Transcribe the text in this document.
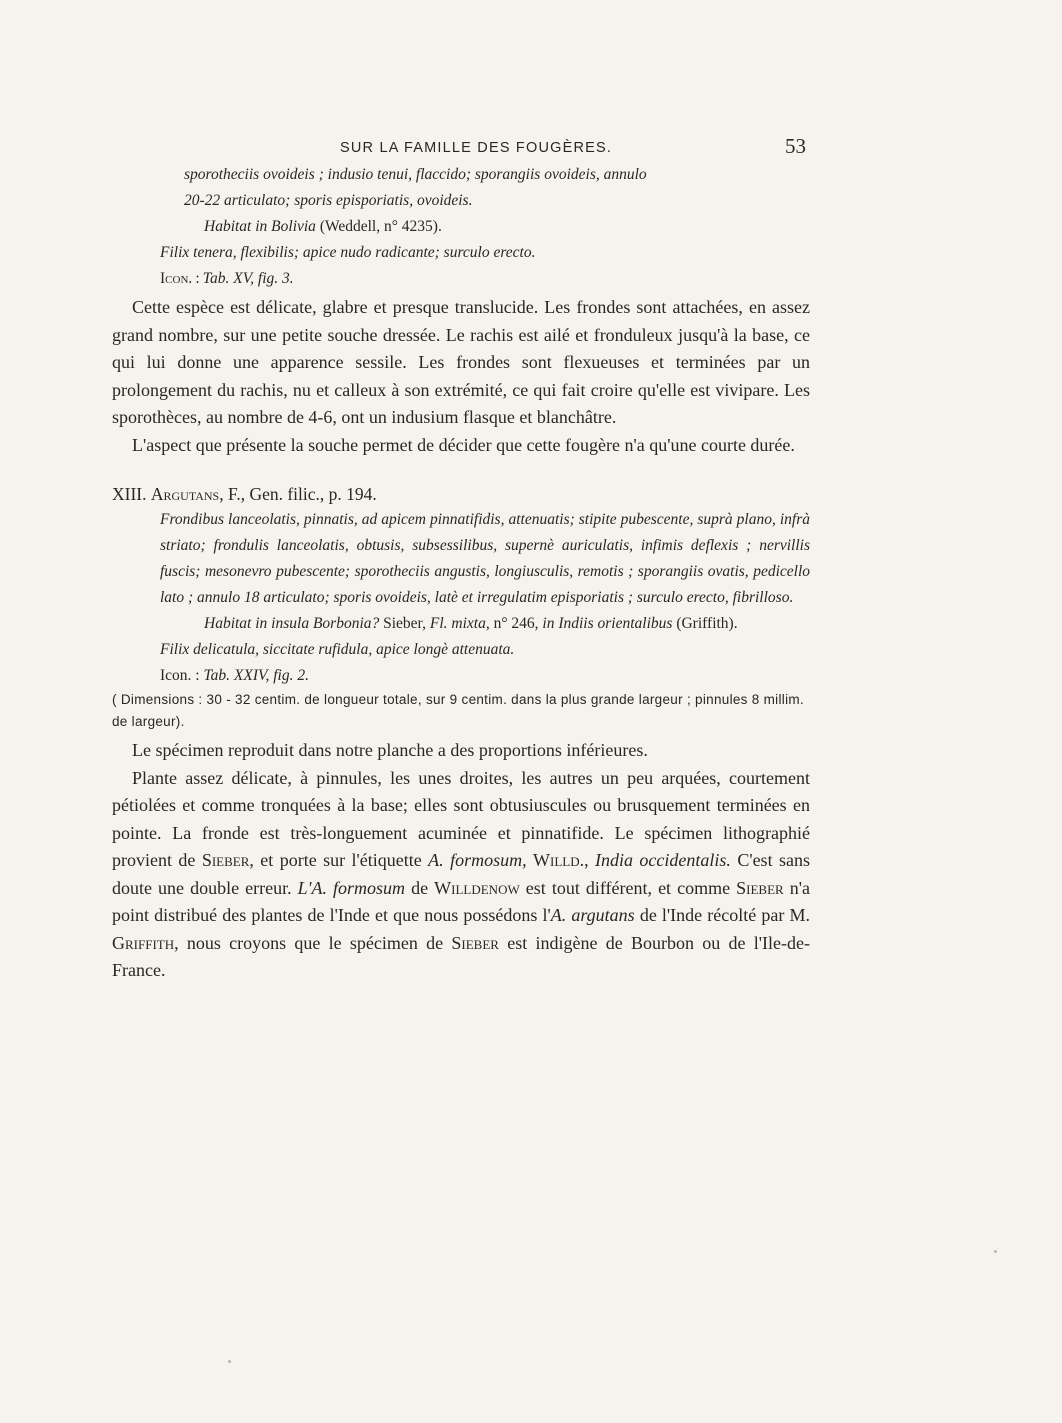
SUR LA FAMILLE DES FOUGÈRES.	53

sporotheciis ovoideis ; indusio tenui, flaccido; sporangiis ovoideis, annulo
20-22 articulato; sporis episporiatis, ovoideis.

Habitat in Bolivia (Weddell, n° 4235).

Filix tenera, flexibilis; apice nudo radicante; surculo erecto.

Icon. : Tab. XV, fig. 3.

Cette espèce est délicate, glabre et presque translucide. Les frondes sont attachées, en assez grand nombre, sur une petite souche dressée. Le rachis est ailé et fronduleux jusqu'à la base, ce qui lui donne une apparence sessile. Les frondes sont flexueuses et terminées par un prolongement du rachis, nu et calleux à son extrémité, ce qui fait croire qu'elle est vivipare. Les sporothèces, au nombre de 4-6, ont un indusium flasque et blanchâtre.

L'aspect que présente la souche permet de décider que cette fougère n'a qu'une courte durée.

XIII. Argutans, F., Gen. filic., p. 194.

Frondibus lanceolatis, pinnatis, ad apicem pinnatifidis, attenuatis; stipite pubescente, suprà plano, infrà striato; frondulis lanceolatis, obtusis, subsessilibus, supernè auriculatis, infimis deflexis ; nervillis fuscis; mesonevro pubescente; sporotheciis angustis, longiusculis, remotis ; sporangiis ovatis, pedicello lato ; annulo 18 articulato; sporis ovoideis, latè et irregulatim episporiatis ; surculo erecto, fibrilloso.

Habitat in insula Borbonia? Sieber, Fl. mixta, n° 246, in Indiis orientalibus (Griffith).

Filix delicatula, siccitate rufidula, apice longè attenuata.

Icon. : Tab. XXIV, fig. 2.

( Dimensions : 30 - 32 centim. de longueur totale, sur 9 centim. dans la plus grande largeur ; pinnules 8 millim. de largeur).

Le spécimen reproduit dans notre planche a des proportions inférieures.

Plante assez délicate, à pinnules, les unes droites, les autres un peu arquées, courtement pétiolées et comme tronquées à la base; elles sont obtusiuscules ou brusquement terminées en pointe. La fronde est très-longuement acuminée et pinnatifide. Le spécimen lithographié provient de Sieber, et porte sur l'étiquette A. formosum, Willd., India occidentalis. C'est sans doute une double erreur. L'A. formosum de Willdenow est tout différent, et comme Sieber n'a point distribué des plantes de l'Inde et que nous possédons l'A. argutans de l'Inde récolté par M. Griffith, nous croyons que le spécimen de Sieber est indigène de Bourbon ou de l'Ile-de-France.
